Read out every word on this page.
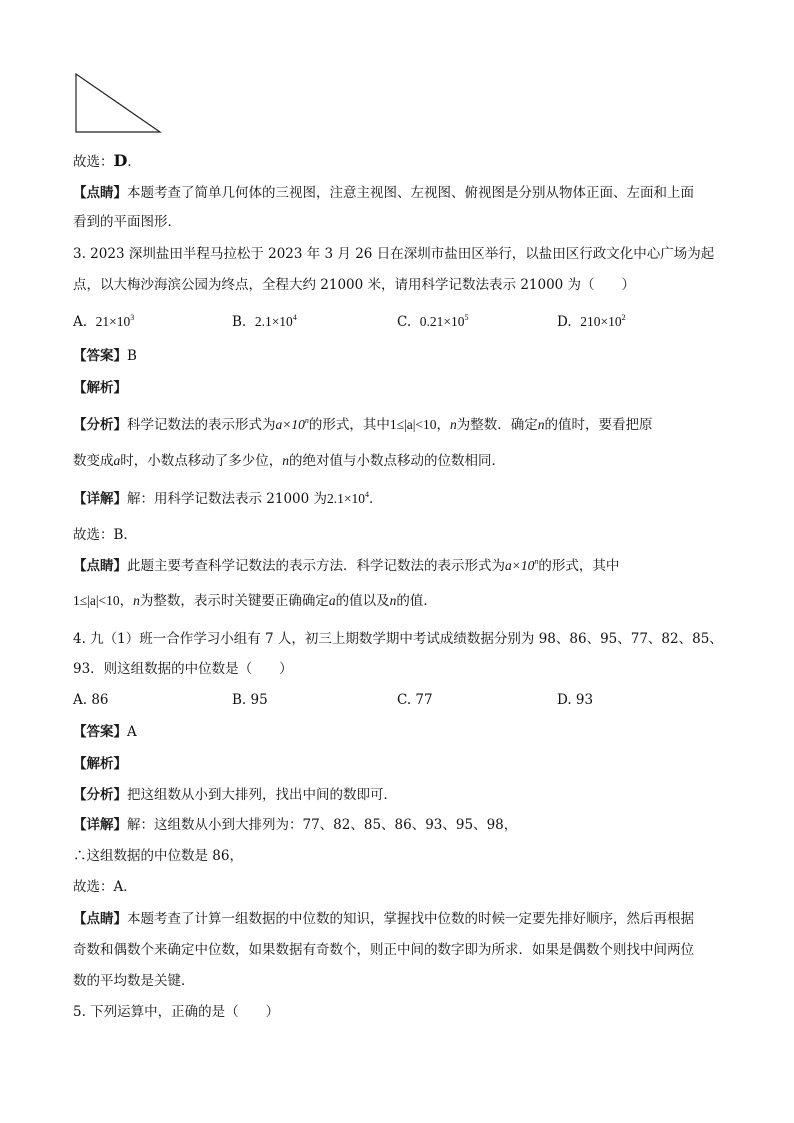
故选：D．
【点睛】本题考查了简单几何体的三视图，注意主视图、左视图、俯视图是分别从物体正面、左面和上面
看到的平面图形．
3. 2023 深圳盐田半程马拉松于 2023 年 3 月 26 日在深圳市盐田区举行，以盐田区行政文化中心广场为起
点，以大梅沙海滨公园为终点，全程大约 21000 米，请用科学记数法表示 21000 为（　　）
A. $21\times 10^3$	B. $2.1\times 10^4$	C. $0.21\times 10^5$	D. $210\times 10^2$
【答案】B
【解析】
【分析】科学记数法的表示形式为$a\times 10^n$的形式，其中1≤|a|<10，n为整数．确定n的值时，要看把原
数变成a时，小数点移动了多少位，n的绝对值与小数点移动的位数相同．
【详解】解：用科学记数法表示 21000 为$2.1\times 10^4$．
故选：B．
【点睛】此题主要考查科学记数法的表示方法．科学记数法的表示形式为$a\times 10^n$的形式，其中
1≤|a|<10，n为整数，表示时关键要正确确定a的值以及n的值．
4. 九（1）班一合作学习小组有 7 人，初三上期数学期中考试成绩数据分别为 98、86、95、77、82、85、
93．则这组数据的中位数是（　　）
A. 86	B. 95	C. 77	D. 93
【答案】A
【解析】
【分析】把这组数从小到大排列，找出中间的数即可．
【详解】解：这组数从小到大排列为：77、82、85、86、93、95、98，
∴这组数据的中位数是 86，
故选：A．
【点睛】本题考查了计算一组数据的中位数的知识，掌握找中位数的时候一定要先排好顺序，然后再根据
奇数和偶数个来确定中位数，如果数据有奇数个，则正中间的数字即为所求．如果是偶数个则找中间两位
数的平均数是关键．
5. 下列运算中，正确的是（　　）
